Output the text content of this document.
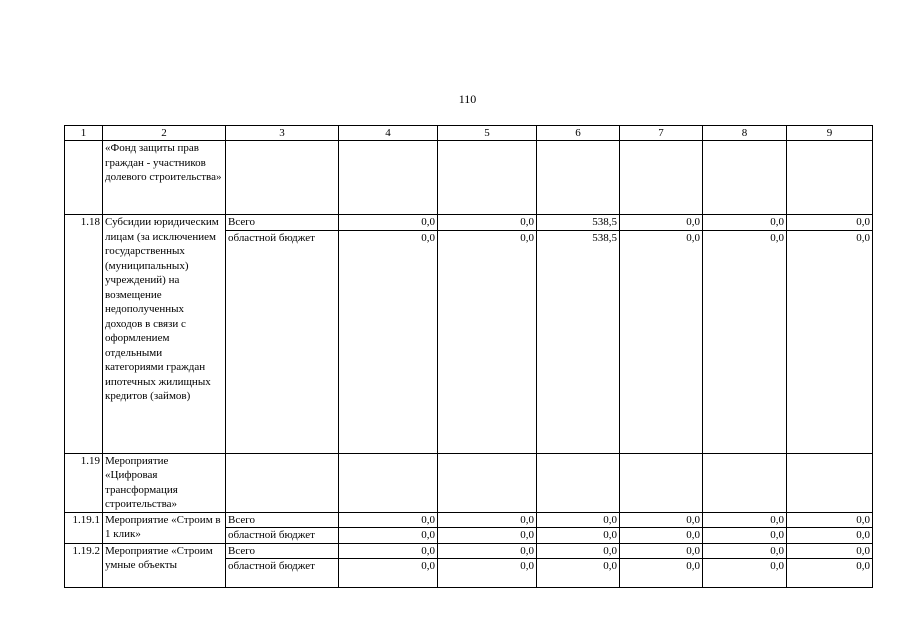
110
1	2	3	4	5	6	7	8	9
	«Фонд защиты прав граждан - участников долевого строительства»							
1.18	Субсидии юридическим лицам (за исключением государственных (муниципальных) учреждений) на возмещение недополученных доходов в связи с оформлением отдельными категориями граждан ипотечных жилищных кредитов (займов)	Всего	0,0	0,0	538,5	0,0	0,0	0,0
		областной бюджет	0,0	0,0	538,5	0,0	0,0	0,0
1.19	Мероприятие «Цифровая трансформация строительства»							
1.19.1	Мероприятие «Строим в 1 клик»	Всего	0,0	0,0	0,0	0,0	0,0	0,0
		областной бюджет	0,0	0,0	0,0	0,0	0,0	0,0
1.19.2	Мероприятие «Строим умные объекты	Всего	0,0	0,0	0,0	0,0	0,0	0,0
		областной бюджет	0,0	0,0	0,0	0,0	0,0	0,0
